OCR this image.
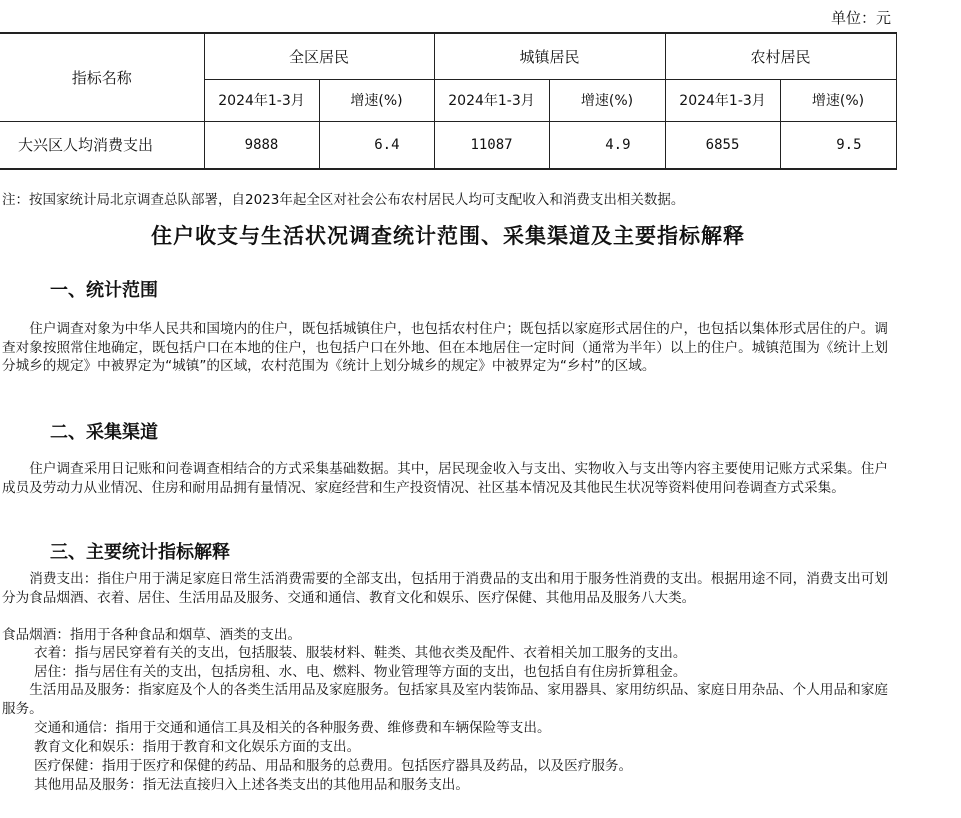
单位：元
指标名称	全区居民		城镇居民		农村居民	
	2024年1-3月	增速(%)	2024年1-3月	增速(%)	2024年1-3月	增速(%)
大兴区人均消费支出	9888	6.4	11087	4.9	6855	9.5
注：按国家统计局北京调查总队部署，自2023年起全区对社会公布农村居民人均可支配收入和消费支出相关数据。
住户收支与生活状况调查统计范围、采集渠道及主要指标解释
一、统计范围
住户调查对象为中华人民共和国境内的住户，既包括城镇住户，也包括农村住户；既包括以家庭形式居住的户，也包括以集体形式居住的户。调查对象按照常住地确定，既包括户口在本地的住户，也包括户口在外地、但在本地居住一定时间（通常为半年）以上的住户。城镇范围为《统计上划分城乡的规定》中被界定为“城镇”的区域，农村范围为《统计上划分城乡的规定》中被界定为“乡村”的区域。
二、采集渠道
住户调查采用日记账和问卷调查相结合的方式采集基础数据。其中，居民现金收入与支出、实物收入与支出等内容主要使用记账方式采集。住户成员及劳动力从业情况、住房和耐用品拥有量情况、家庭经营和生产投资情况、社区基本情况及其他民生状况等资料使用问卷调查方式采集。
三、主要统计指标解释
消费支出：指住户用于满足家庭日常生活消费需要的全部支出，包括用于消费品的支出和用于服务性消费的支出。根据用途不同，消费支出可划分为食品烟酒、衣着、居住、生活用品及服务、交通和通信、教育文化和娱乐、医疗保健、其他用品及服务八大类。
食品烟酒：指用于各种食品和烟草、酒类的支出。
衣着：指与居民穿着有关的支出，包括服装、服装材料、鞋类、其他衣类及配件、衣着相关加工服务的支出。
居住：指与居住有关的支出，包括房租、水、电、燃料、物业管理等方面的支出，也包括自有住房折算租金。
生活用品及服务：指家庭及个人的各类生活用品及家庭服务。包括家具及室内装饰品、家用器具、家用纺织品、家庭日用杂品、个人用品和家庭服务。
交通和通信：指用于交通和通信工具及相关的各种服务费、维修费和车辆保险等支出。
教育文化和娱乐：指用于教育和文化娱乐方面的支出。
医疗保健：指用于医疗和保健的药品、用品和服务的总费用。包括医疗器具及药品，以及医疗服务。
其他用品及服务：指无法直接归入上述各类支出的其他用品和服务支出。
